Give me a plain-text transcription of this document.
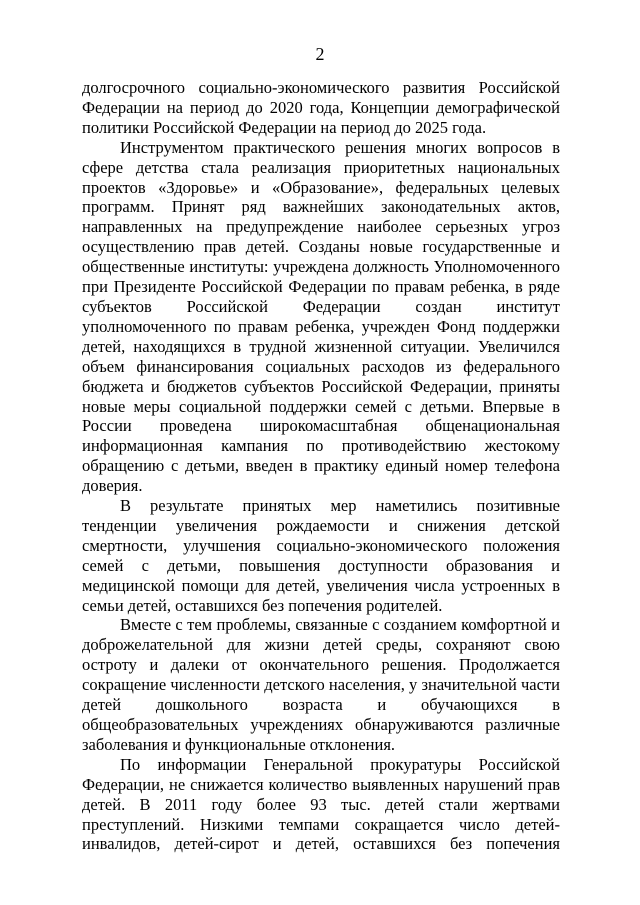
2

долгосрочного социально-экономического развития Российской Федерации на период до 2020 года, Концепции демографической политики Российской Федерации на период до 2025 года.

Инструментом практического решения многих вопросов в сфере детства стала реализация приоритетных национальных проектов «Здоровье» и «Образование», федеральных целевых программ. Принят ряд важнейших законодательных актов, направленных на предупреждение наиболее серьезных угроз осуществлению прав детей. Созданы новые государственные и общественные институты: учреждена должность Уполномоченного при Президенте Российской Федерации по правам ребенка, в ряде субъектов Российской Федерации создан институт уполномоченного по правам ребенка, учрежден Фонд поддержки детей, находящихся в трудной жизненной ситуации. Увеличился объем финансирования социальных расходов из федерального бюджета и бюджетов субъектов Российской Федерации, приняты новые меры социальной поддержки семей с детьми. Впервые в России проведена широкомасштабная общенациональная информационная кампания по противодействию жестокому обращению с детьми, введен в практику единый номер телефона доверия.

В результате принятых мер наметились позитивные тенденции увеличения рождаемости и снижения детской смертности, улучшения социально-экономического положения семей с детьми, повышения доступности образования и медицинской помощи для детей, увеличения числа устроенных в семьи детей, оставшихся без попечения родителей.

Вместе с тем проблемы, связанные с созданием комфортной и доброжелательной для жизни детей среды, сохраняют свою остроту и далеки от окончательного решения. Продолжается сокращение численности детского населения, у значительной части детей дошкольного возраста и обучающихся в общеобразовательных учреждениях обнаруживаются различные заболевания и функциональные отклонения.

По информации Генеральной прокуратуры Российской Федерации, не снижается количество выявленных нарушений прав детей. В 2011 году более 93 тыс. детей стали жертвами преступлений. Низкими темпами сокращается число детей-инвалидов, детей-сирот и детей, оставшихся без попечения
